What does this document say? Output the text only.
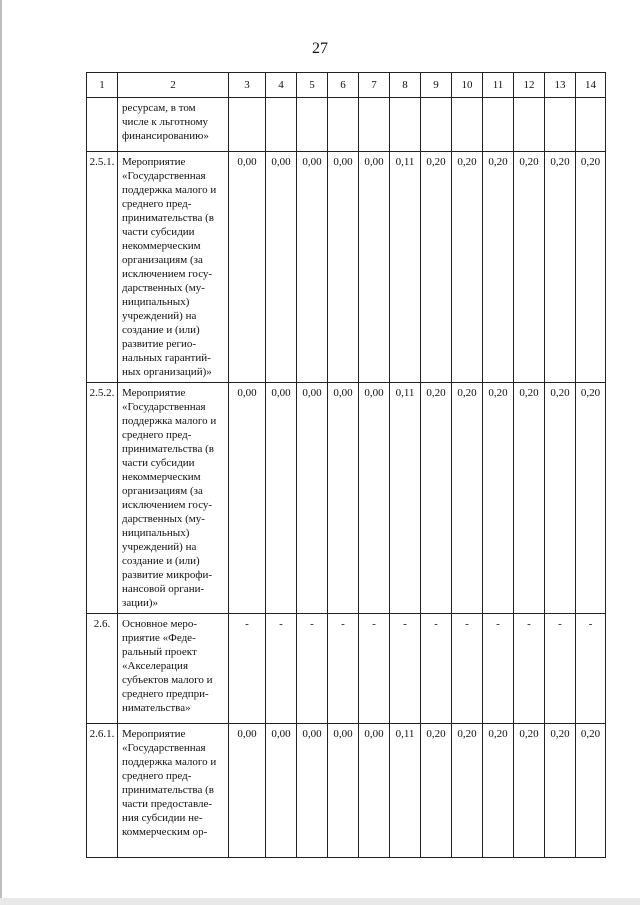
27
1	2	3	4	5	6	7	8	9	10	11	12	13	14
	ресурсам, в том числе к льготному финансированию»												
2.5.1.	Мероприятие «Государственная поддержка малого и среднего пред-принимательства (в части субсидии некоммерческим организациям (за исключением госу-дарственных (му-ниципальных) учреждений) на создание и (или) развитие регио-нальных гарантий-ных организаций)»	0,00	0,00	0,00	0,00	0,00	0,11	0,20	0,20	0,20	0,20	0,20	0,20
2.5.2.	Мероприятие «Государственная поддержка малого и среднего пред-принимательства (в части субсидии некоммерческим организациям (за исключением госу-дарственных (му-ниципальных) учреждений) на создание и (или) развитие микрофи-нансовой органи-зации)»	0,00	0,00	0,00	0,00	0,00	0,11	0,20	0,20	0,20	0,20	0,20	0,20
2.6.	Основное меро-приятие «Феде-ральный проект «Акселерация субъектов малого и среднего предпри-нимательства»	-	-	-	-	-	-	-	-	-	-	-	-
2.6.1.	Мероприятие «Государственная поддержка малого и среднего пред-принимательства (в части предоставле-ния субсидии не-коммерческим ор-	0,00	0,00	0,00	0,00	0,00	0,11	0,20	0,20	0,20	0,20	0,20	0,20
